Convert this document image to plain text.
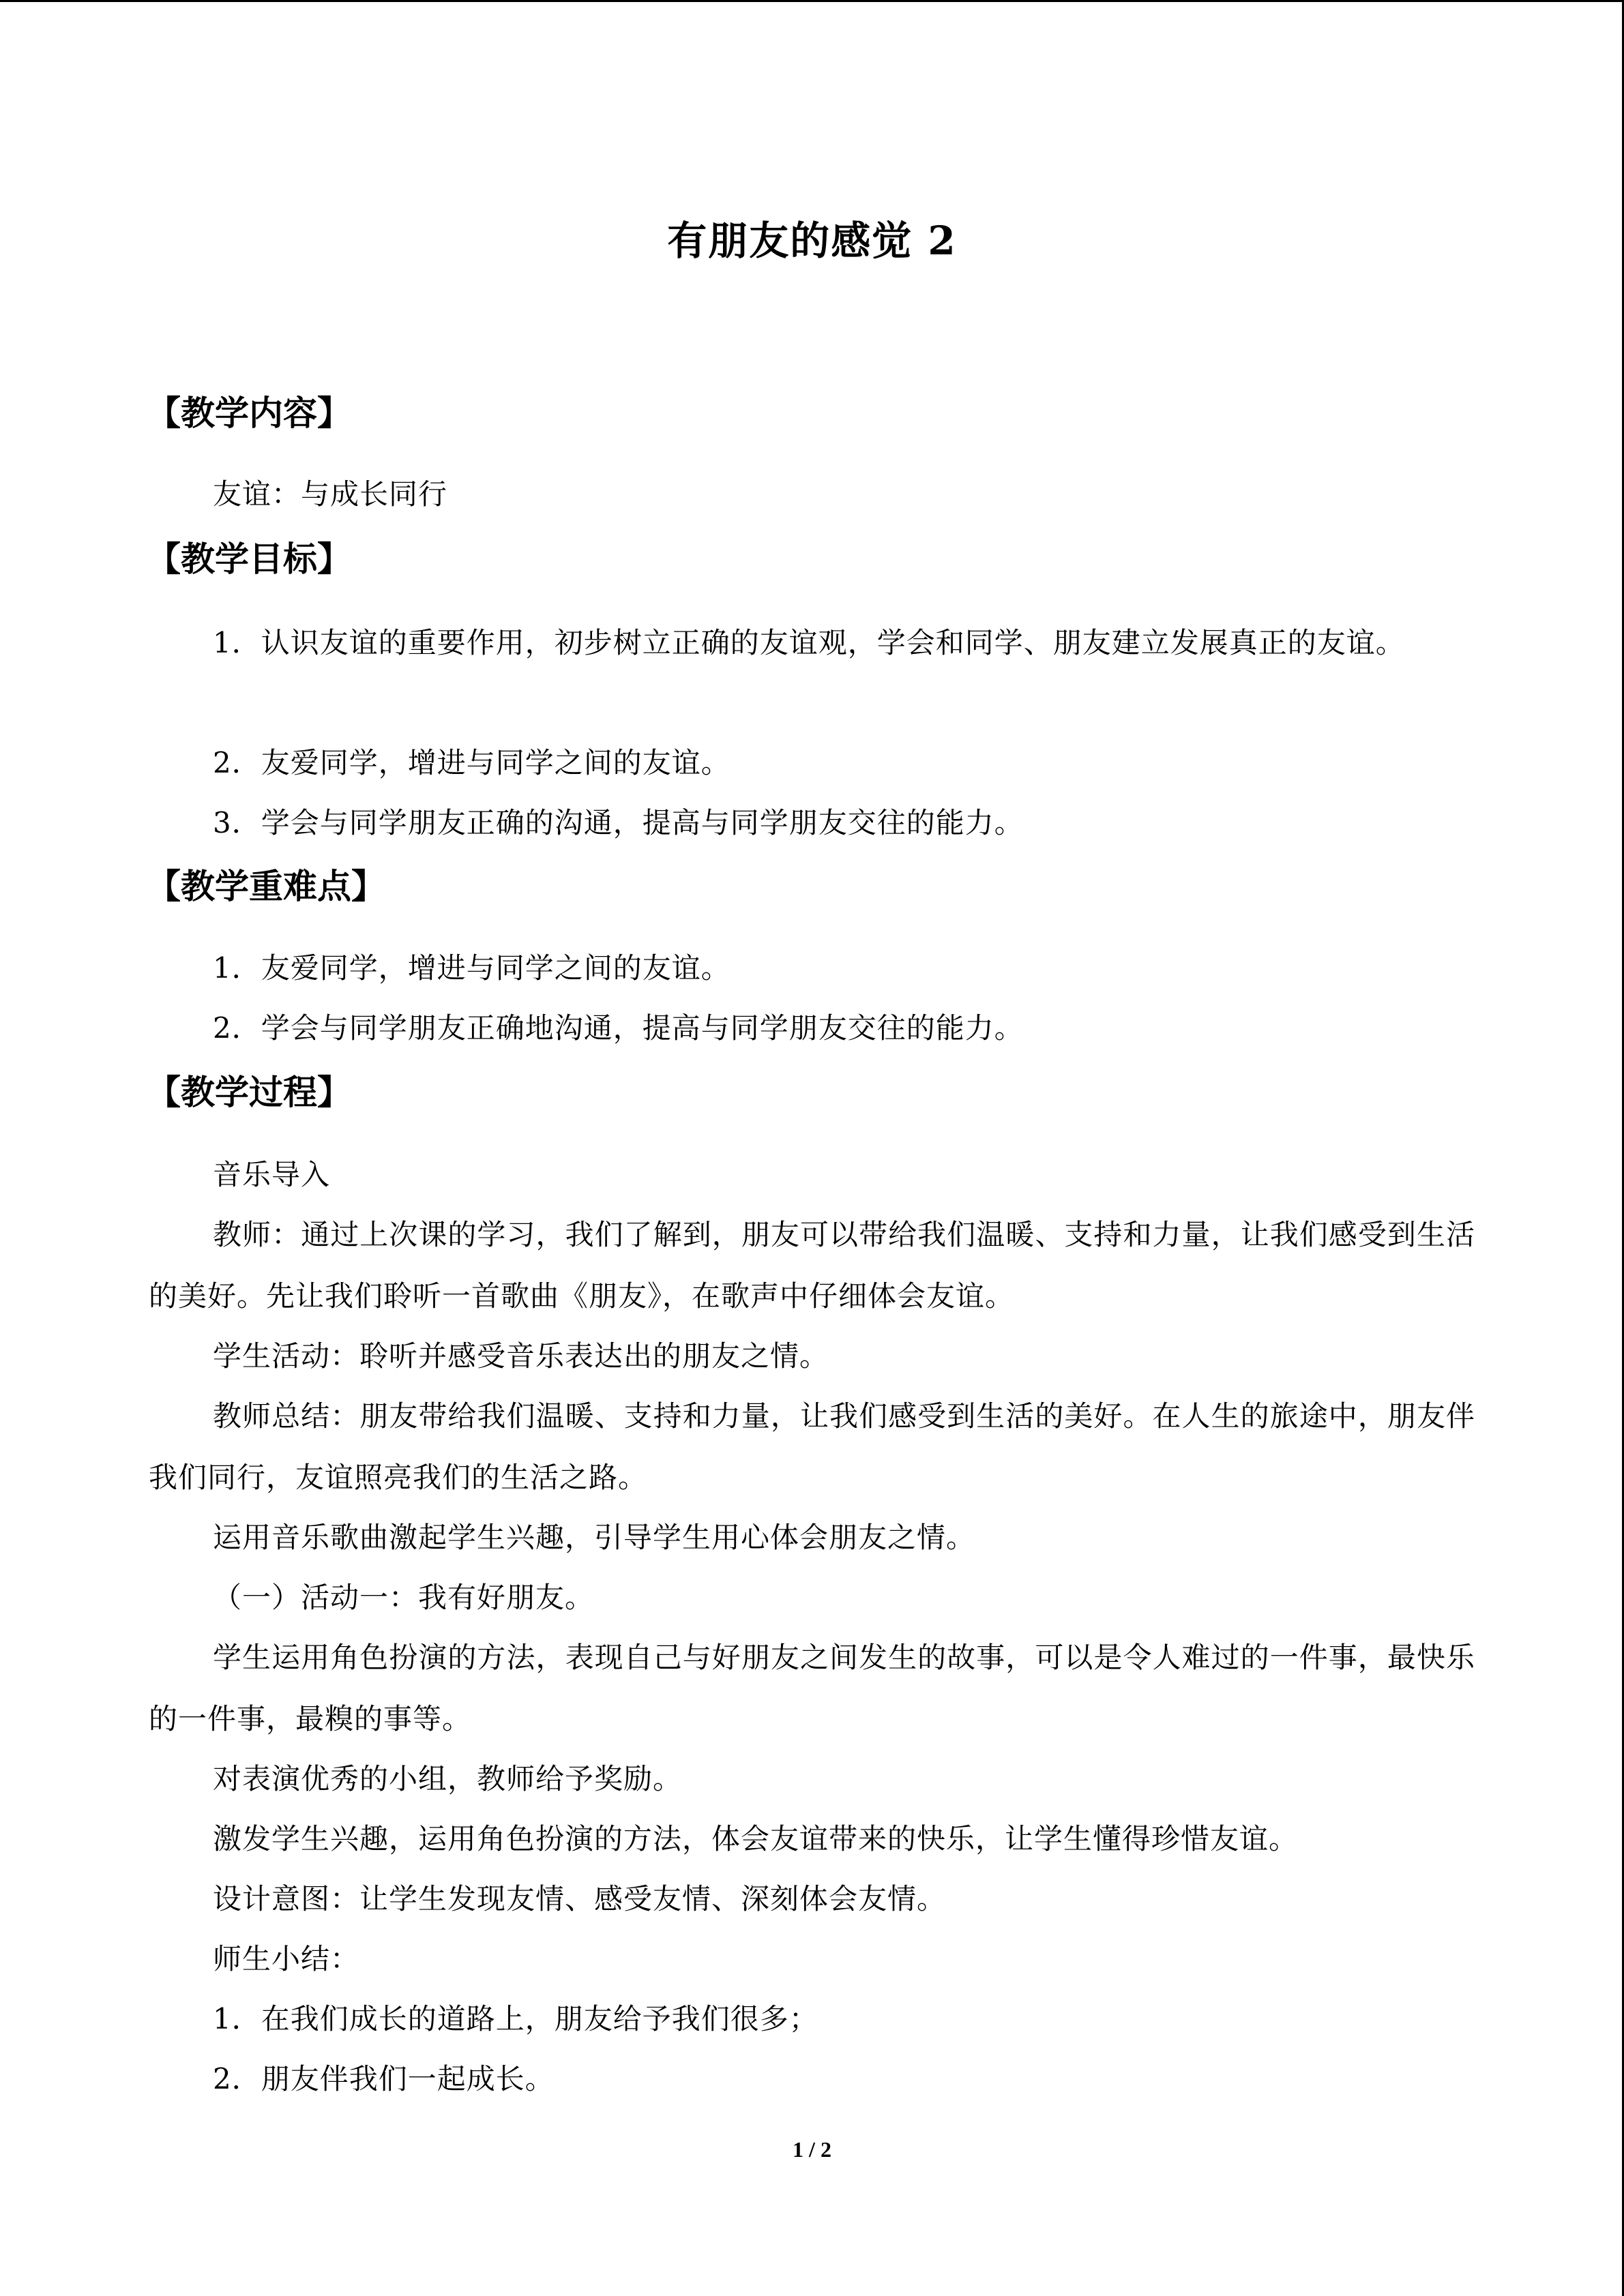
有朋友的感觉 2
【教学内容】

友谊：与成长同行

【教学目标】

1．认识友谊的重要作用，初步树立正确的友谊观，学会和同学、朋友建立发展真正的友谊。

2．友爱同学，增进与同学之间的友谊。

3．学会与同学朋友正确的沟通，提高与同学朋友交往的能力。

【教学重难点】

1．友爱同学，增进与同学之间的友谊。

2．学会与同学朋友正确地沟通，提高与同学朋友交往的能力。

【教学过程】

音乐导入

教师：通过上次课的学习，我们了解到，朋友可以带给我们温暖、支持和力量，让我们感受到生活的美好。先让我们聆听一首歌曲《朋友》，在歌声中仔细体会友谊。

学生活动：聆听并感受音乐表达出的朋友之情。

教师总结：朋友带给我们温暖、支持和力量，让我们感受到生活的美好。在人生的旅途中，朋友伴我们同行，友谊照亮我们的生活之路。

运用音乐歌曲激起学生兴趣，引导学生用心体会朋友之情。

（一）活动一：我有好朋友。

学生运用角色扮演的方法，表现自己与好朋友之间发生的故事，可以是令人难过的一件事，最快乐的一件事，最糗的事等。

对表演优秀的小组，教师给予奖励。

激发学生兴趣，运用角色扮演的方法，体会友谊带来的快乐，让学生懂得珍惜友谊。

设计意图：让学生发现友情、感受友情、深刻体会友情。

师生小结：

1．在我们成长的道路上，朋友给予我们很多；

2．朋友伴我们一起成长。

1 / 2
